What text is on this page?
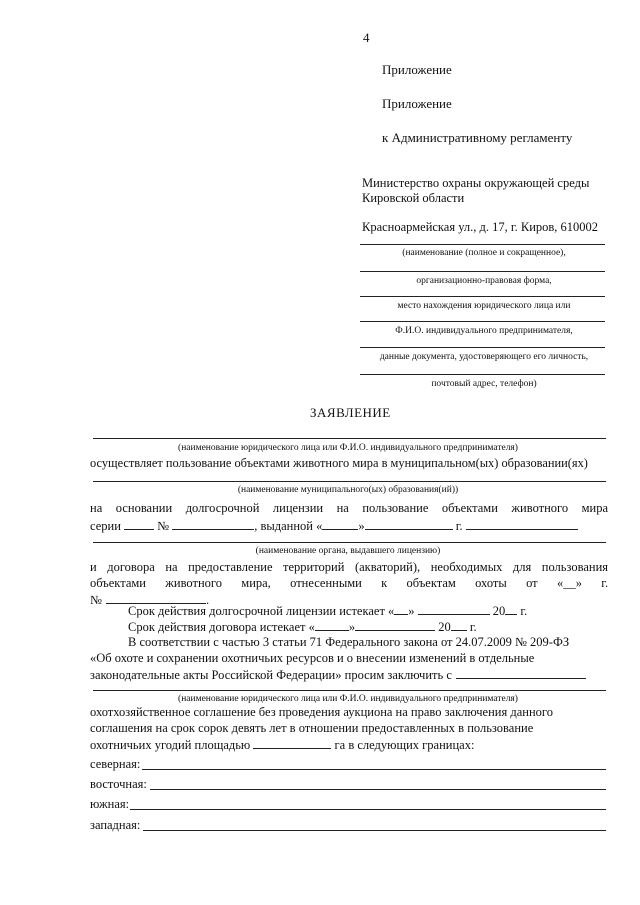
4
Приложение
Приложение
к Административному регламенту
Министерство охраны окружающей среды
Кировской области
Красноармейская ул., д. 17, г. Киров, 610002
(наименование (полное и сокращенное),
организационно-правовая форма,
место нахождения юридического лица или
Ф.И.О. индивидуального предпринимателя,
данные документа, удостоверяющего его личность,
почтовый адрес, телефон)
ЗАЯВЛЕНИЕ
(наименование юридического лица или Ф.И.О. индивидуального предпринимателя)
осуществляет пользование объектами животного мира в муниципальном(ых) образовании(ях)
(наименование муниципального(ых) образования(ий))
на основании долгосрочной лицензии на пользование объектами животного мира
серии	№	, выданной «	»	г.
(наименование органа, выдавшего лицензию)
и договора на предоставление территорий (акваторий), необходимых для пользования
объектами животного мира, отнесенными к объектам охоты от «__» г.
№	.
Срок действия долгосрочной лицензии истекает « »	20 г.
Срок действия договора истекает «	»	20 г.
В соответствии с частью 3 статьи 71 Федерального закона от 24.07.2009 № 209-ФЗ
«Об охоте и сохранении охотничьих ресурсов и о внесении изменений в отдельные
законодательные акты Российской Федерации» просим заключить с
(наименование юридического лица или Ф.И.О. индивидуального предпринимателя)
охотхозяйственное соглашение без проведения аукциона на право заключения данного
соглашения на срок сорок девять лет в отношении предоставленных в пользование
охотничьих угодий площадью	га в следующих границах:
северная:
восточная:
южная:
западная:
